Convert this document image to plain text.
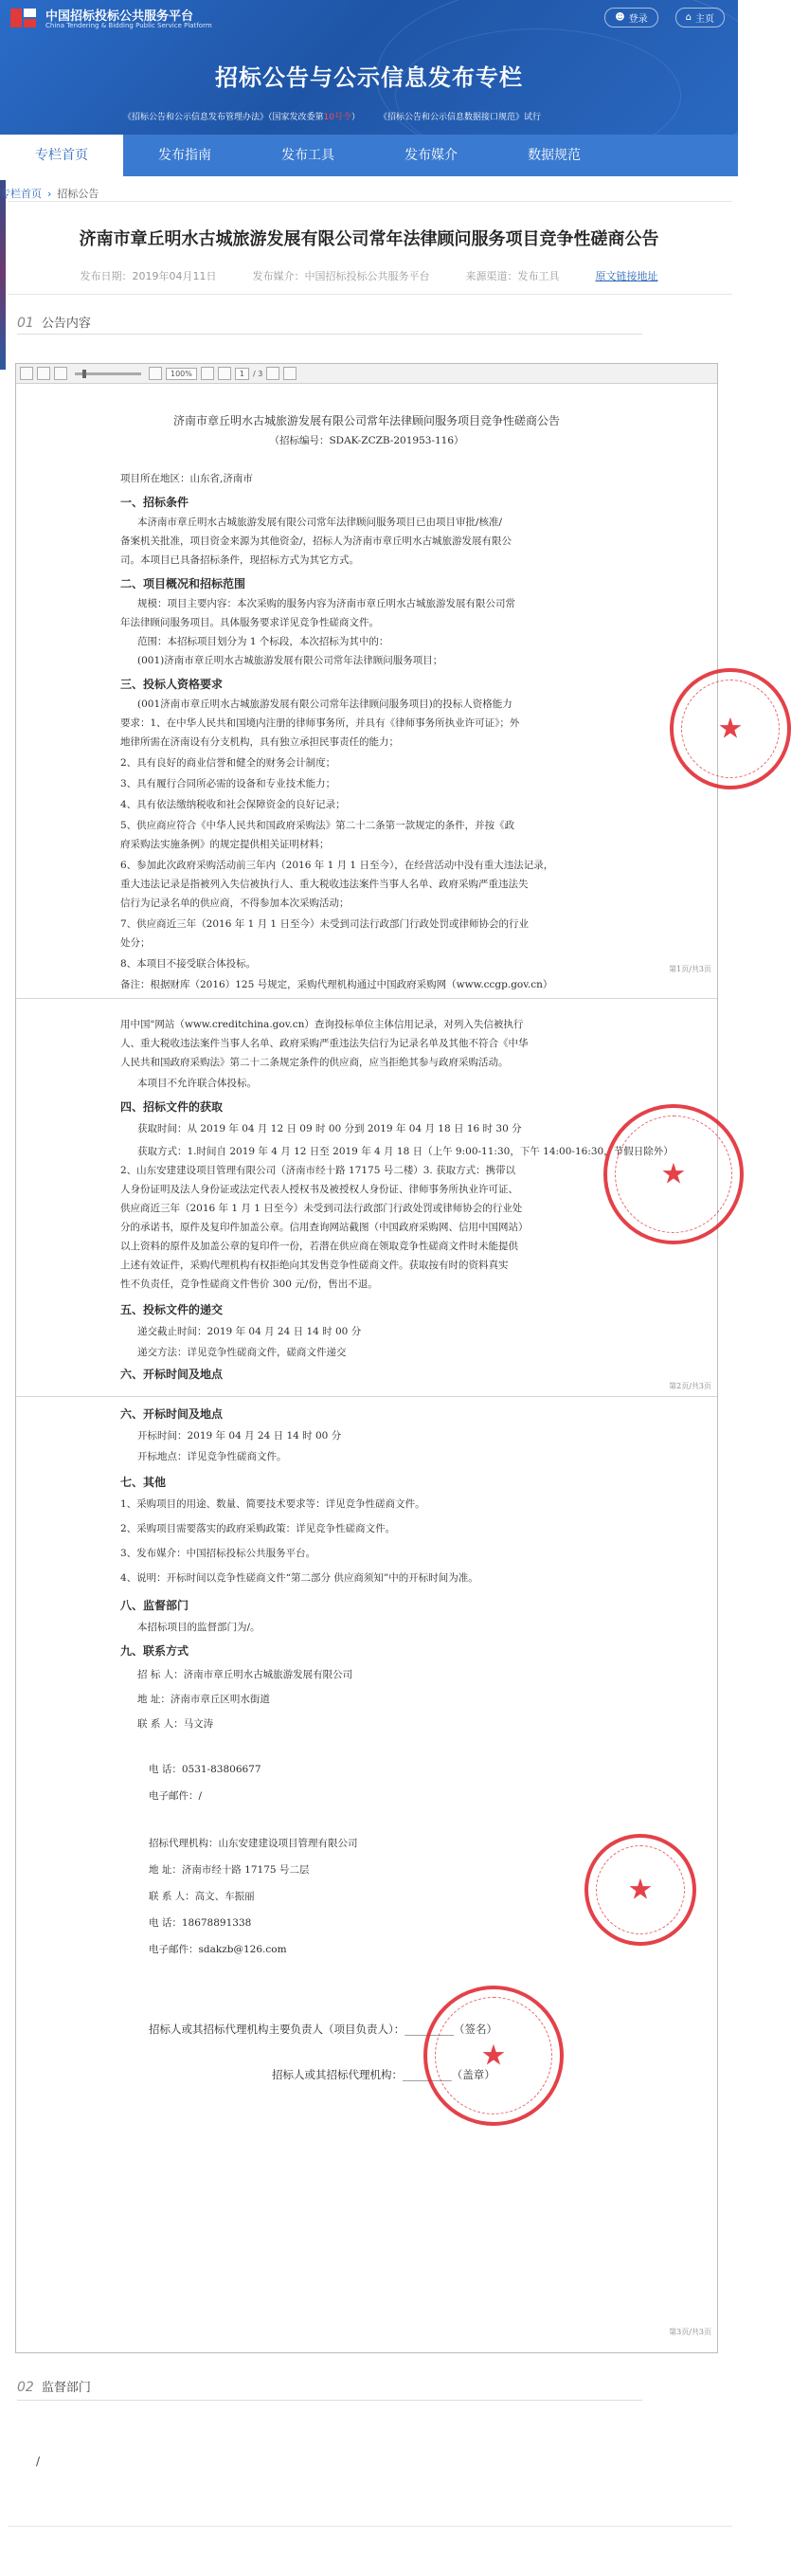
中国招标投标公共服务平台
China Tendering & Bidding Public Service Platform
☻ 登录	⌂ 主页
招标公告与公示信息发布专栏
《招标公告和公示信息发布管理办法》（国家发改委第10号令） 《招标公告和公示信息数据接口规范》试行
专栏首页	发布指南	发布工具	发布媒介	数据规范
专栏首页 › 招标公告
济南市章丘明水古城旅游发展有限公司常年法律顾问服务项目竞争性磋商公告
发布日期：2019年04月11日	发布媒介：中国招标投标公共服务平台	来源渠道：发布工具	原文链接地址
01 公告内容
100%	1	/ 3
济南市章丘明水古城旅游发展有限公司常年法律顾问服务项目竞争性磋商公告
（招标编号：SDAK-ZCZB-201953-116）
项目所在地区：山东省,济南市
一、招标条件
本济南市章丘明水古城旅游发展有限公司常年法律顾问服务项目已由项目审批/核准/
备案机关批准，项目资金来源为其他资金/，招标人为济南市章丘明水古城旅游发展有限公
司。本项目已具备招标条件，现招标方式为其它方式。
二、项目概况和招标范围
规模：项目主要内容：本次采购的服务内容为济南市章丘明水古城旅游发展有限公司常
年法律顾问服务项目。具体服务要求详见竞争性磋商文件。
范围：本招标项目划分为 1 个标段，本次招标为其中的：
(001)济南市章丘明水古城旅游发展有限公司常年法律顾问服务项目；
三、投标人资格要求
(001济南市章丘明水古城旅游发展有限公司常年法律顾问服务项目)的投标人资格能力
要求：1、在中华人民共和国境内注册的律师事务所，并具有《律师事务所执业许可证》；外
地律所需在济南设有分支机构，具有独立承担民事责任的能力；
2、具有良好的商业信誉和健全的财务会计制度；
3、具有履行合同所必需的设备和专业技术能力；
4、具有依法缴纳税收和社会保障资金的良好记录；
5、供应商应符合《中华人民共和国政府采购法》第二十二条第一款规定的条件，并按《政
府采购法实施条例》的规定提供相关证明材料；
6、参加此次政府采购活动前三年内（2016 年 1 月 1 日至今），在经营活动中没有重大违法记录，
重大违法记录是指被列入失信被执行人、重大税收违法案件当事人名单、政府采购严重违法失
信行为记录名单的供应商，不得参加本次采购活动；
7、供应商近三年（2016 年 1 月 1 日至今）未受到司法行政部门行政处罚或律师协会的行业
处分；
8、本项目不接受联合体投标。
备注：根据财库（2016）125 号规定，采购代理机构通过中国政府采购网（www.ccgp.gov.cn）
第1页/共3页
用中国"网站（www.creditchina.gov.cn）查询投标单位主体信用记录，对列入失信被执行
人、重大税收违法案件当事人名单、政府采购严重违法失信行为记录名单及其他不符合《中华
人民共和国政府采购法》第二十二条规定条件的供应商，应当拒绝其参与政府采购活动。
本项目不允许联合体投标。
四、招标文件的获取
获取时间：从 2019 年 04 月 12 日 09 时 00 分到 2019 年 04 月 18 日 16 时 30 分
获取方式：1.时间自 2019 年 4 月 12 日至 2019 年 4 月 18 日（上午 9:00-11:30，下午 14:00-16:30，节假日除外）
2、山东安建建设项目管理有限公司（济南市经十路 17175 号二楼）3. 获取方式：携带以
人身份证明及法人身份证或法定代表人授权书及被授权人身份证、律师事务所执业许可证、
供应商近三年（2016 年 1 月 1 日至今）未受到司法行政部门行政处罚或律师协会的行业处
分的承诺书，原件及复印件加盖公章。信用查询网站截图（中国政府采购网、信用中国网站）
以上资料的原件及加盖公章的复印件一份，若潜在供应商在领取竞争性磋商文件时未能提供
上述有效证件，采购代理机构有权拒绝向其发售竞争性磋商文件。获取按有时的资料真实
性不负责任，竞争性磋商文件售价 300 元/份，售出不退。
五、投标文件的递交
递交截止时间：2019 年 04 月 24 日 14 时 00 分
递交方法：详见竞争性磋商文件，磋商文件递交
六、开标时间及地点
第2页/共3页
六、开标时间及地点
开标时间：2019 年 04 月 24 日 14 时 00 分
开标地点：详见竞争性磋商文件。
七、其他
1、采购项目的用途、数量、简要技术要求等：详见竞争性磋商文件。
2、采购项目需要落实的政府采购政策：详见竞争性磋商文件。
3、发布媒介：中国招标投标公共服务平台。
4、说明：开标时间以竞争性磋商文件“第二部分 供应商须知”中的开标时间为准。
八、监督部门
本招标项目的监督部门为/。
九、联系方式
招 标 人：济南市章丘明水古城旅游发展有限公司
地 址：济南市章丘区明水街道
联 系 人：马文涛
电 话：0531-83806677
电子邮件：/
招标代理机构：山东安建建设项目管理有限公司
地 址：济南市经十路 17175 号二层
联 系 人：高文、车振丽
电 话：18678891338
电子邮件：sdakzb@126.com
招标人或其招标代理机构主要负责人（项目负责人）：_________（签名）
招标人或其招标代理机构：_________（盖章）
第3页/共3页
★
★
★
★
02 监督部门
/
